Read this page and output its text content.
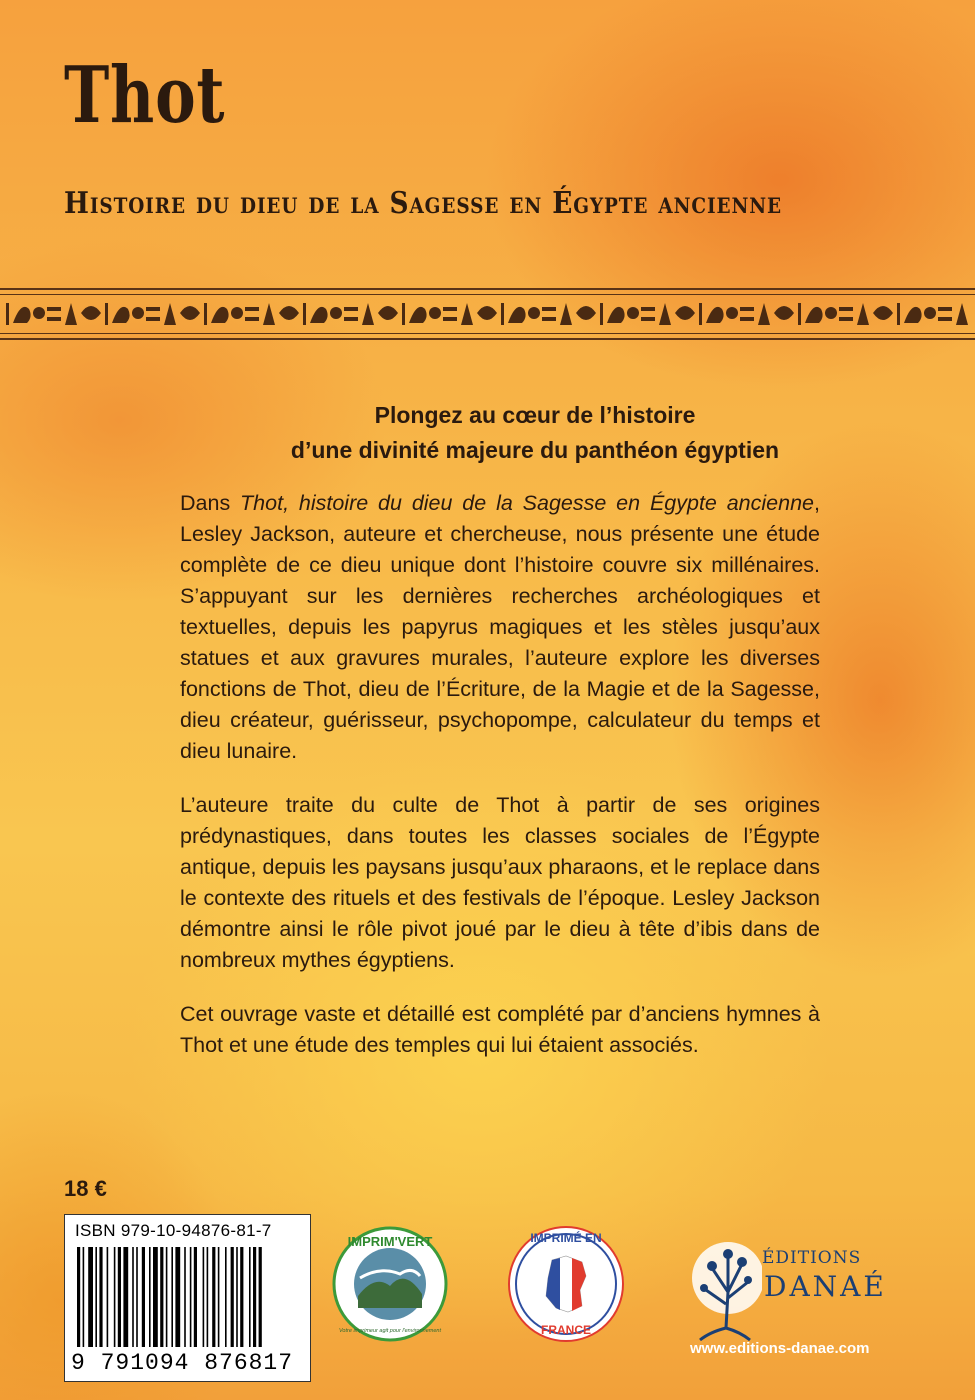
Thot
Histoire du dieu de la Sagesse en Égypte ancienne
Plongez au cœur de l’histoire
d’une divinité majeure du panthéon égyptien

Dans Thot, histoire du dieu de la Sagesse en Égypte ancienne, Lesley Jackson, auteure et chercheuse, nous présente une étude complète de ce dieu unique dont l’histoire couvre six millénaires. S’appuyant sur les dernières recherches archéologiques et textuelles, depuis les papyrus magiques et les stèles jusqu’aux statues et aux gravures murales, l’auteure explore les diverses fonctions de Thot, dieu de l’Écriture, de la Magie et de la Sagesse, dieu créateur, guérisseur, psychopompe, calculateur du temps et dieu lunaire.

L’auteure traite du culte de Thot à partir de ses origines prédynastiques, dans toutes les classes sociales de l’Égypte antique, depuis les paysans jusqu’aux pharaons, et le replace dans le contexte des rituels et des festivals de l’époque. Lesley Jackson démontre ainsi le rôle pivot joué par le dieu à tête d’ibis dans de nombreux mythes égyptiens.

Cet ouvrage vaste et détaillé est complété par d’anciens hymnes à Thot et une étude des temples qui lui étaient associés.

18 €
ISBN 979-10-94876-81-7
9 791094 876817
IMPRIM'VERT
Votre imprimeur agit pour l'environnement
IMPRIMÉ EN
FRANCE
ÉDITIONS
DANAÉ
www.editions-danae.com
